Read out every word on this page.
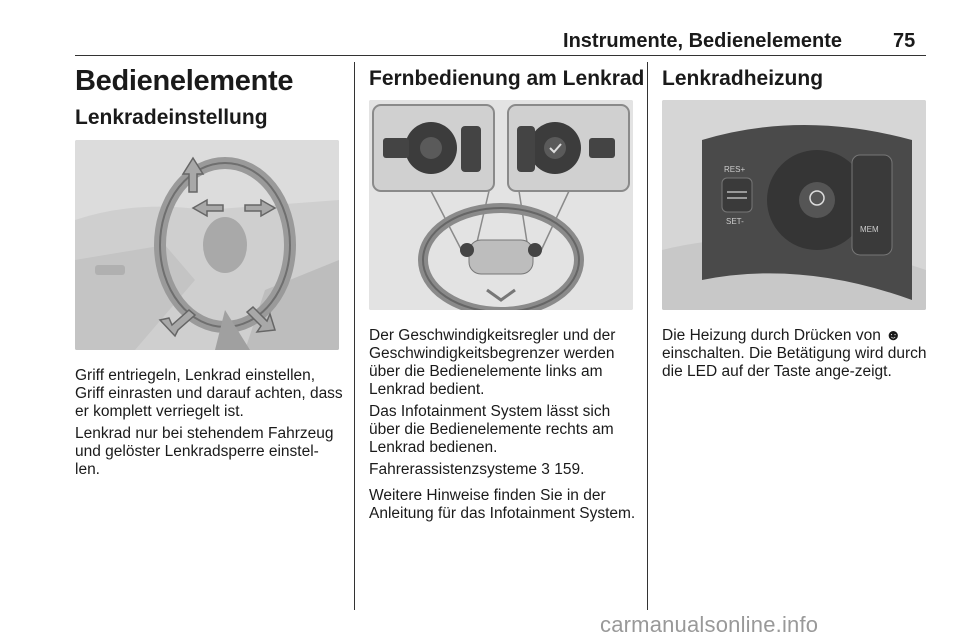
Instrumente, Bedienelemente	75
Bedienelemente
Lenkradeinstellung

Griff entriegeln, Lenkrad einstellen, Griff einrasten und darauf achten, dass er komplett verriegelt ist.

Lenkrad nur bei stehendem Fahrzeug und gelöster Lenkradsperre einstel-len.

Fernbedienung am Lenkrad

Der Geschwindigkeitsregler und der Geschwindigkeitsbegrenzer werden über die Bedienelemente links am Lenkrad bedient.

Das Infotainment System lässt sich über die Bedienelemente rechts am Lenkrad bedienen.

Fahrerassistenzsysteme 3 159.

Weitere Hinweise finden Sie in der Anleitung für das Infotainment System.

Lenkradheizung
RES+
SET-
MEM

Die Heizung durch Drücken von ☻ einschalten. Die Betätigung wird durch die LED auf der Taste ange-zeigt.

carmanualsonline.info
